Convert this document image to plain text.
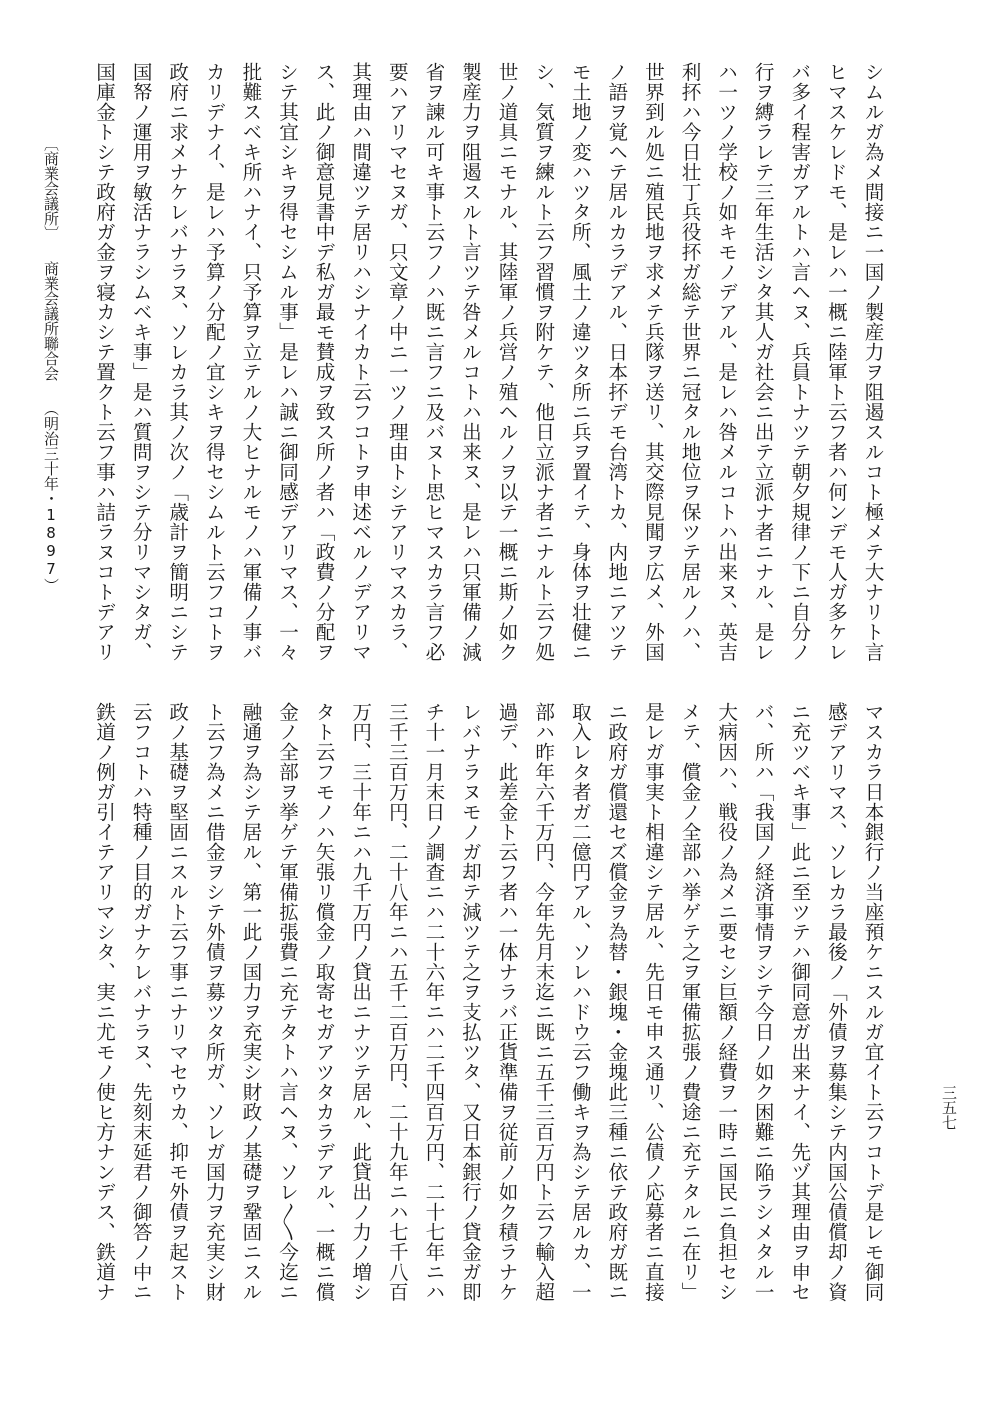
シムルガ為メ間接ニ一国ノ製産力ヲ阻遏スルコト極メテ大ナリト言
ヒマスケレドモ、是レハ一概ニ陸軍ト云フ者ハ何ンデモ人ガ多ケレ
バ多イ程害ガアルトハ言ヘヌ、兵員トナツテ朝夕規律ノ下ニ自分ノ
行ヲ縛ラレテ三年生活シタ其人ガ社会ニ出テ立派ナ者ニナル、是レ
ハ一ツノ学校ノ如キモノデアル、是レハ咎メルコトハ出来ヌ、英吉
利抔ハ今日壮丁兵役抔ガ総テ世界ニ冠タル地位ヲ保ツテ居ルノハ、
世界到ル処ニ殖民地ヲ求メテ兵隊ヲ送リ、其交際見聞ヲ広メ、外国
ノ語ヲ覚ヘテ居ルカラデアル、日本抔デモ台湾トカ、内地ニアツテ
モ土地ノ変ハツタ所、風土ノ違ツタ所ニ兵ヲ置イテ、身体ヲ壮健ニ
シ、気質ヲ練ルト云フ習慣ヲ附ケテ、他日立派ナ者ニナルト云フ処
世ノ道具ニモナル、其陸軍ノ兵営ノ殖ヘルノヲ以テ一概ニ斯ノ如ク
製産力ヲ阻遏スルト言ツテ咎メルコトハ出来ヌ、是レハ只軍備ノ減
省ヲ諫ル可キ事ト云フノハ既ニ言フニ及バヌト思ヒマスカラ言フ必
要ハアリマセヌガ、只文章ノ中ニ一ツノ理由トシテアリマスカラ、
其理由ハ間違ツテ居リハシナイカト云フコトヲ申述ベルノデアリマ
ス、此ノ御意見書中デ私ガ最モ賛成ヲ致ス所ノ者ハ「政費ノ分配ヲ
シテ其宜シキヲ得セシムル事」是レハ誠ニ御同感デアリマス、一々
批難スベキ所ハナイ、只予算ヲ立テルノ大ヒナルモノハ軍備ノ事バ
カリデナイ、是レハ予算ノ分配ノ宜シキヲ得セシムルト云フコトヲ
政府ニ求メナケレバナラヌ、ソレカラ其ノ次ノ「歳計ヲ簡明ニシテ
国帑ノ運用ヲ敏活ナラシムベキ事」是ハ質問ヲシテ分リマシタガ、
国庫金トシテ政府ガ金ヲ寝カシテ置クト云フ事ハ詰ラヌコトデアリ
マスカラ日本銀行ノ当座預ケニスルガ宜イト云フコトデ是レモ御同
感デアリマス、ソレカラ最後ノ「外債ヲ募集シテ内国公債償却ノ資
ニ充ツベキ事」此ニ至ツテハ御同意ガ出来ナイ、先ヅ其理由ヲ申セ
バ、所ハ「我国ノ経済事情ヲシテ今日ノ如ク困難ニ陥ラシメタル一
大病因ハ、戦役ノ為メニ要セシ巨額ノ経費ヲ一時ニ国民ニ負担セシ
メテ、償金ノ全部ハ挙ゲテ之ヲ軍備拡張ノ費途ニ充テタルニ在リ」
是レガ事実ト相違シテ居ル、先日モ申ス通リ、公債ノ応募者ニ直接
ニ政府ガ償還セズ償金ヲ為替・銀塊・金塊此三種ニ依テ政府ガ既ニ
取入レタ者ガ二億円アル、ソレハドウ云フ働キヲ為シテ居ルカ、一
部ハ昨年六千万円、今年先月末迄ニ既ニ五千三百万円ト云フ輸入超
過デ、此差金ト云フ者ハ一体ナラバ正貨準備ヲ従前ノ如ク積ラナケ
レバナラヌモノガ却テ減ツテ之ヲ支払ツタ、又日本銀行ノ貸金ガ即
チ十一月末日ノ調査ニハ二十六年ニハ二千四百万円、二十七年ニハ
三千三百万円、二十八年ニハ五千二百万円、二十九年ニハ七千八百
万円、三十年ニハ九千万円ノ貸出ニナツテ居ル、此貸出ノ力ノ増シ
タト云フモノハ矢張リ償金ノ取寄セガアツタカラデアル、一概ニ償
金ノ全部ヲ挙ゲテ軍備拡張費ニ充テタトハ言ヘヌ、ソレ〳〵今迄ニ
融通ヲ為シテ居ル、第一此ノ国力ヲ充実シ財政ノ基礎ヲ鞏固ニスル
ト云フ為メニ借金ヲシテ外債ヲ募ツタ所ガ、ソレガ国力ヲ充実シ財
政ノ基礎ヲ堅固ニスルト云フ事ニナリマセウカ、抑モ外債ヲ起スト
云フコトハ特種ノ目的ガナケレバナラヌ、先刻末延君ノ御答ノ中ニ
鉄道ノ例ガ引イテアリマシタ、実ニ尤モノ使ヒ方ナンデス、鉄道ナ
〔商業会議所〕商業会議所聯合会（明治三十年・1897）
三五七
